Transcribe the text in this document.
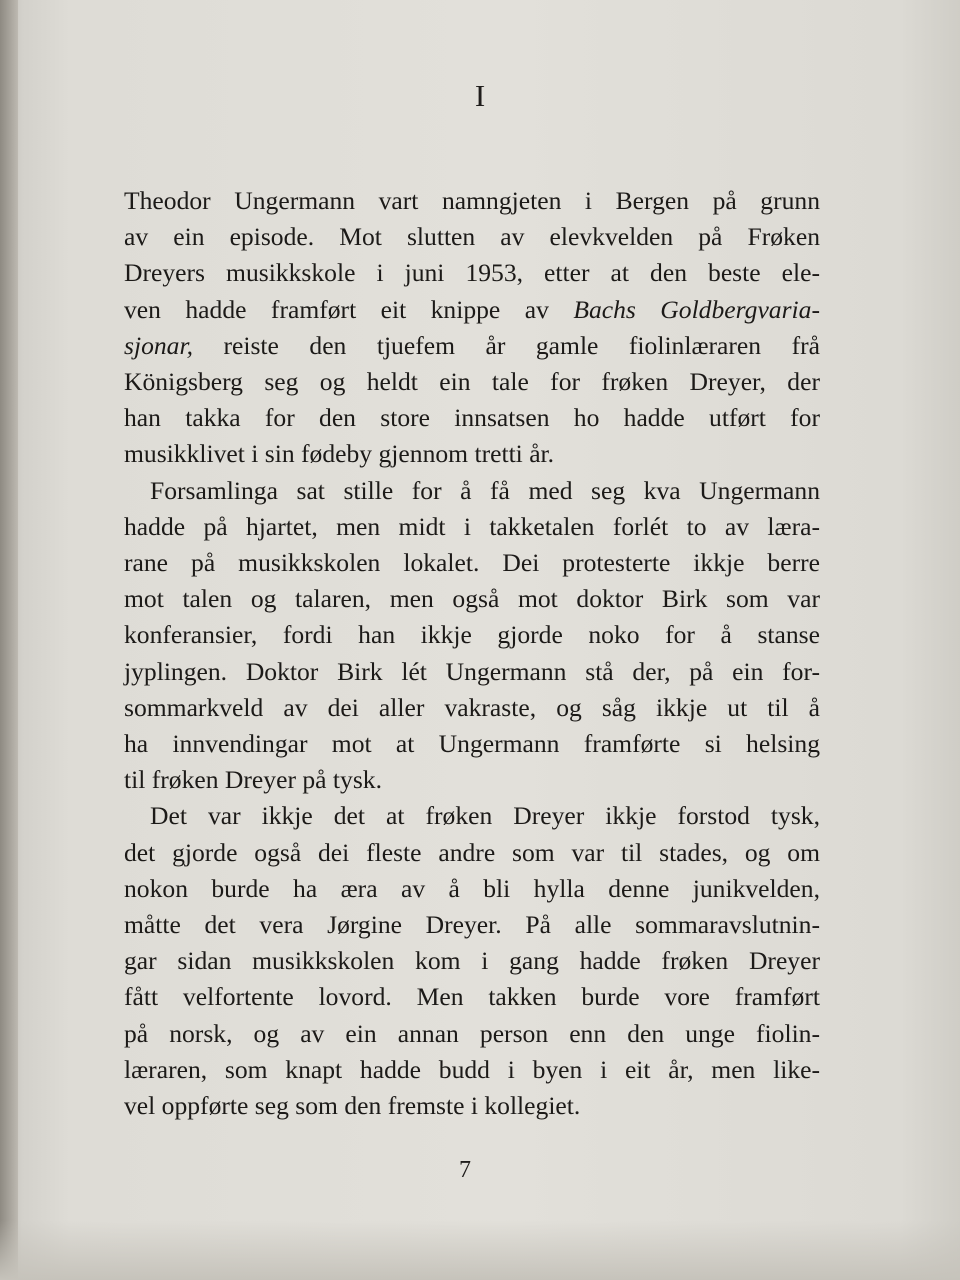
I
Theodor Ungermann vart namngjeten i Bergen på grunn
av ein episode. Mot slutten av elevkvelden på Frøken
Dreyers musikkskole i juni 1953, etter at den beste ele-
ven hadde framført eit knippe av Bachs Goldbergvaria-
sjonar, reiste den tjuefem år gamle fiolinlæraren frå
Königsberg seg og heldt ein tale for frøken Dreyer, der
han takka for den store innsatsen ho hadde utført for
musikklivet i sin fødeby gjennom tretti år.
Forsamlinga sat stille for å få med seg kva Ungermann
hadde på hjartet, men midt i takketalen forlét to av lærа-
rane på musikkskolen lokalet. Dei protesterte ikkje berre
mot talen og talaren, men også mot doktor Birk som var
konferansier, fordi han ikkje gjorde noko for å stanse
jyplingen. Doktor Birk lét Ungermann stå der, på ein for-
sommarkveld av dei aller vakraste, og såg ikkje ut til å
ha innvendingar mot at Ungermann framførte si helsing
til frøken Dreyer på tysk.
Det var ikkje det at frøken Dreyer ikkje forstod tysk,
det gjorde også dei fleste andre som var til stades, og om
nokon burde ha æra av å bli hylla denne junikvelden,
måtte det vera Jørgine Dreyer. På alle sommaravslutnin-
gar sidan musikkskolen kom i gang hadde frøken Dreyer
fått velfortente lovord. Men takken burde vore framført
på norsk, og av ein annan person enn den unge fiolin-
læraren, som knapt hadde budd i byen i eit år, men like-
vel oppførte seg som den fremste i kollegiet.
7
